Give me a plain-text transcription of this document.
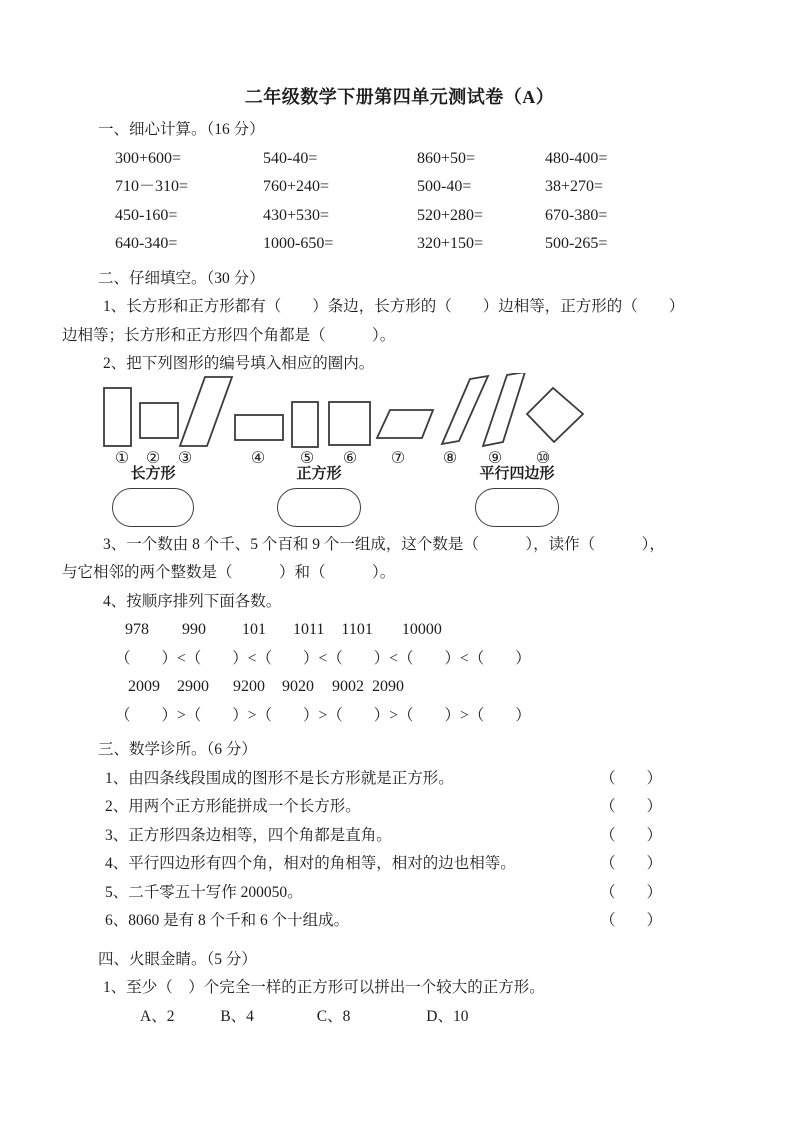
二年级数学下册第四单元测试卷（A）
一、细心计算。（16 分）
300+600=	540-40=	860+50=	480-400=
710－310=	760+240=	500-40=	38+270=
450-160=	430+530=	520+280=	670-380=
640-340=	1000-650=	320+150=	500-265=
二、仔细填空。（30 分）
1、长方形和正方形都有（　　）条边，长方形的（　　）边相等，正方形的（　　）
边相等；长方形和正方形四个角都是（　　　）。
2、把下列图形的编号填入相应的圈内。
① ② ③	④ ⑤ ⑥ ⑦ ⑧ ⑨ ⑩
长方形	正方形	平行四边形
3、一个数由 8 个千、5 个百和 9 个一组成，这个数是（　　　），读作（　　　），
与它相邻的两个整数是（　　　）和（　　　）。
4、按顺序排列下面各数。
978 990 101 1011 1101 10000
（　　）<（　　）<（　　）<（　　）<（　　）<（　　）
2009 2900 9200 9020 9002 2090
（　　）>（　　）>（　　）>（　　）>（　　）>（　　）
三、数学诊所。（6 分）
1、由四条线段围成的图形不是长方形就是正方形。	（　　）
2、用两个正方形能拼成一个长方形。	（　　）
3、正方形四条边相等，四个角都是直角。	（　　）
4、平行四边形有四个角，相对的角相等，相对的边也相等。	（　　）
5、二千零五十写作 200050。	（　　）
6、8060 是有 8 个千和 6 个十组成。	（　　）
四、火眼金睛。（5 分）
1、至少（　）个完全一样的正方形可以拼出一个较大的正方形。
A、2	B、4	C、8	D、10
